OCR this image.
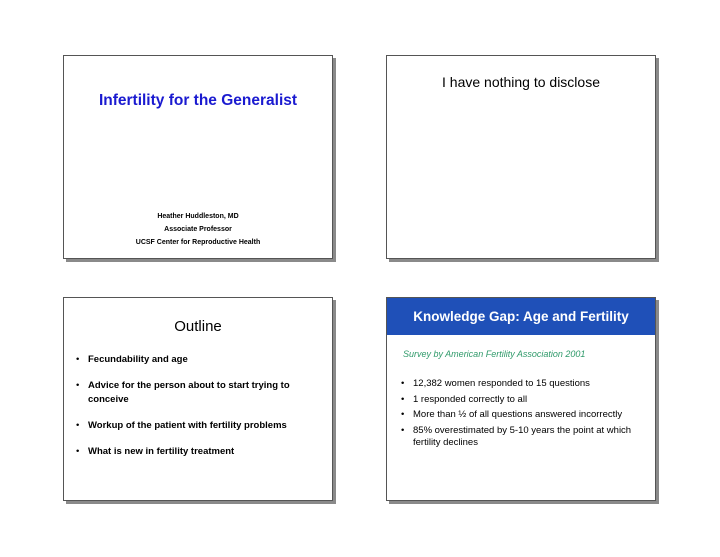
Infertility for the Generalist
Heather Huddleston, MD
Associate Professor
UCSF Center for Reproductive Health
I have nothing to disclose
Outline
• Fecundability and age
• Advice for the person about to start trying to conceive
• Workup of the patient with fertility problems
• What is new in fertility treatment
Knowledge Gap: Age and Fertility
Survey by American Fertility Association 2001
• 12,382 women responded to 15 questions
• 1 responded correctly to all
• More than ½ of all questions answered incorrectly
• 85% overestimated by 5-10 years the point at which fertility declines
